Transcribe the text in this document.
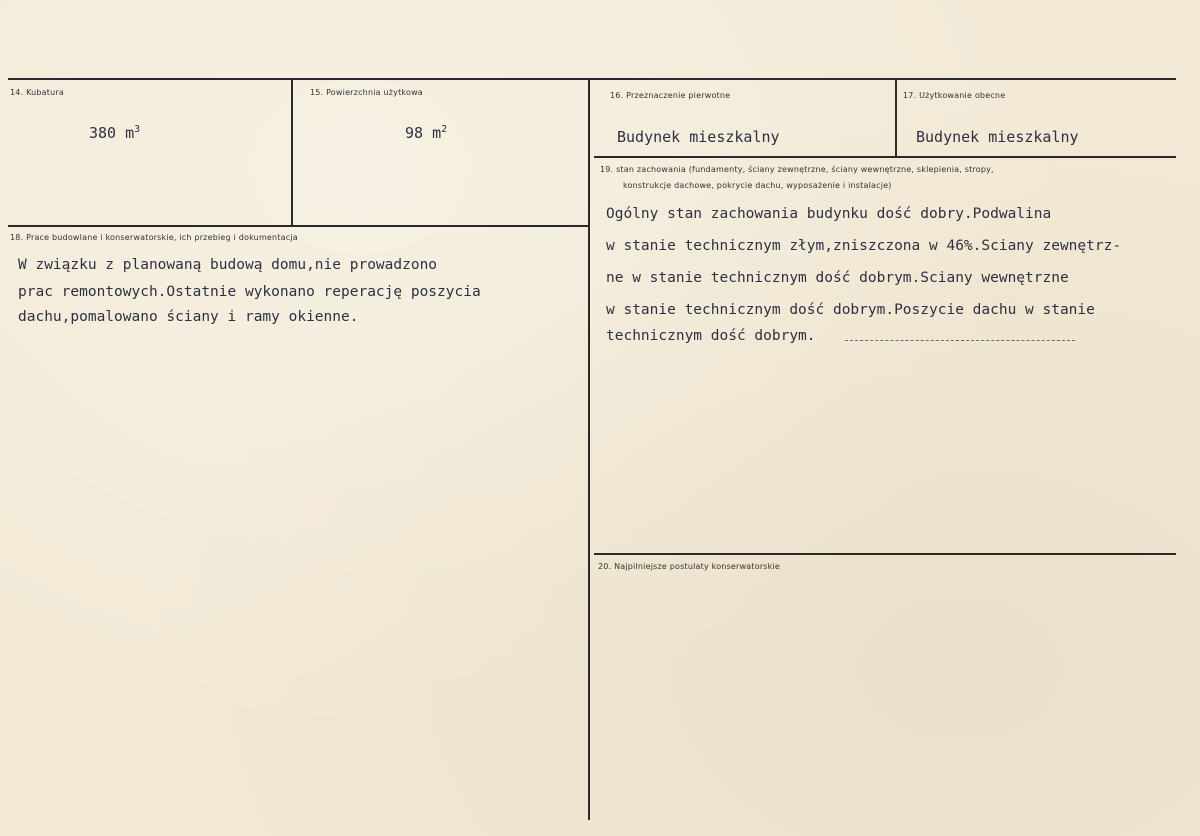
14. Kubatura
380 $m^3$
15. Powierzchnia użytkowa
98 $m^2$
16. Przeznaczenie pierwotne
Budynek mieszkalny
17. Użytkowanie obecne
Budynek mieszkalny
18. Prace budowlane i konserwatorskie, ich przebieg i dokumentacja
W związku z planowaną budową domu,nie prowadzono
prac remontowych.Ostatnie wykonano reperację poszycia
dachu,pomalowano ściany i ramy okienne.
19. stan zachowania (fundamenty, ściany zewnętrzne, ściany wewnętrzne, sklepienia, stropy,
konstrukcje dachowe, pokrycie dachu, wyposażenie i instalacje)
Ogólny stan zachowania budynku dość dobry.Podwalina
w stanie technicznym złym,zniszczona w 46%.Sciany zewnętrz-
ne w stanie technicznym dość dobrym.Sciany wewnętrzne
w stanie technicznym dość dobrym.Poszycie dachu w stanie
technicznym dość dobrym.
20. Najpilniejsze postulaty konserwatorskie
